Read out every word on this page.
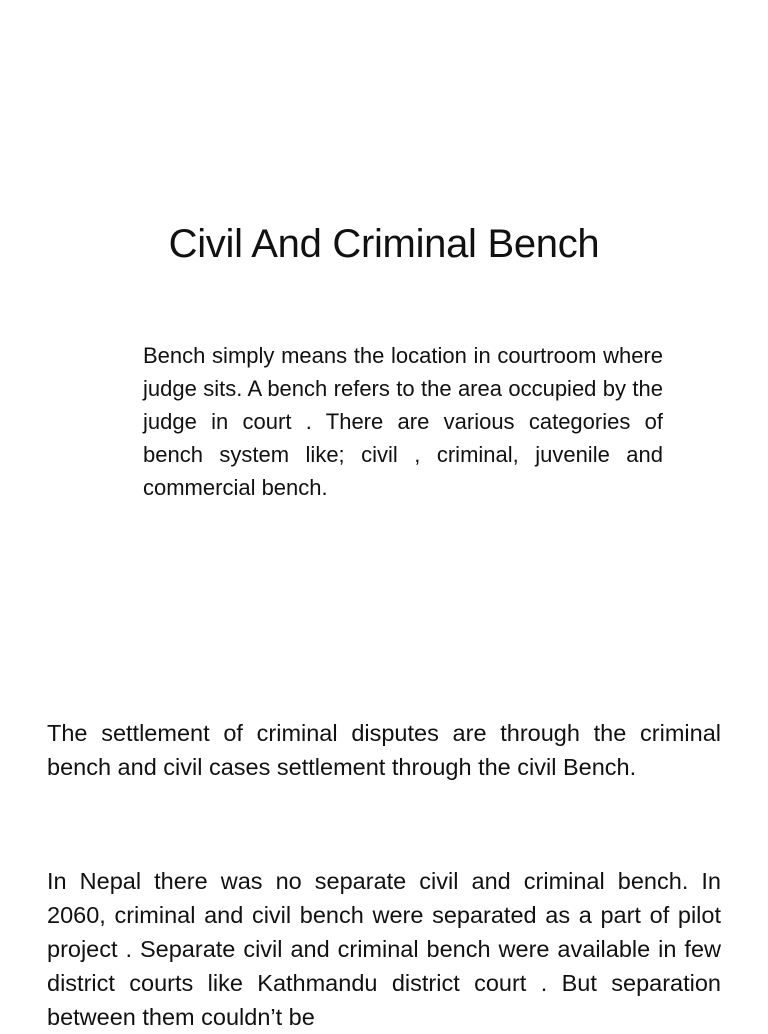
Civil And Criminal Bench

Bench simply means the location in courtroom where judge sits. A bench refers to the area occupied by the judge in court . There are various categories of bench system like; civil , criminal, juvenile and commercial bench.

The settlement of criminal disputes are through the criminal bench and civil cases settlement through the civil Bench.

In Nepal there was no separate civil and criminal bench. In 2060, criminal and civil bench were separated as a part of pilot project . Separate civil and criminal bench were available in few district courts like Kathmandu district court . But separation between them couldn’t be
